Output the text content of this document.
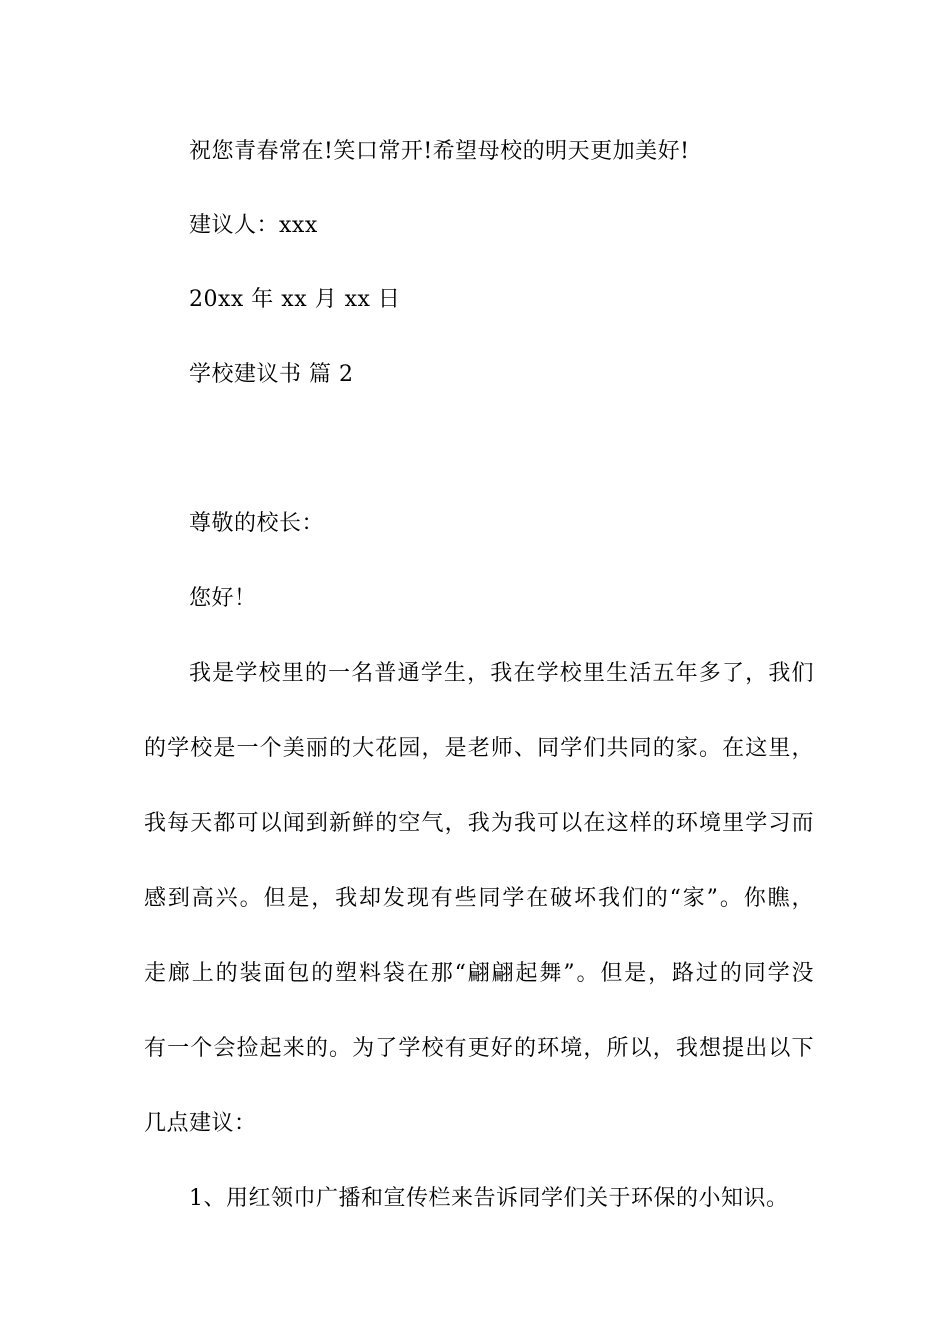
祝您青春常在!笑口常开!希望母校的明天更加美好!
建议人：xxx
20xx 年 xx 月 xx 日
学校建议书 篇 2
尊敬的校长：
您好！
我是学校里的一名普通学生，我在学校里生活五年多了，我们
的学校是一个美丽的大花园，是老师、同学们共同的家。在这里，
我每天都可以闻到新鲜的空气，我为我可以在这样的环境里学习而
感到高兴。但是，我却发现有些同学在破坏我们的“家”。你瞧，
走廊上的装面包的塑料袋在那“翩翩起舞”。但是，路过的同学没
有一个会捡起来的。为了学校有更好的环境，所以，我想提出以下
几点建议：
1、用红领巾广播和宣传栏来告诉同学们关于环保的小知识。
